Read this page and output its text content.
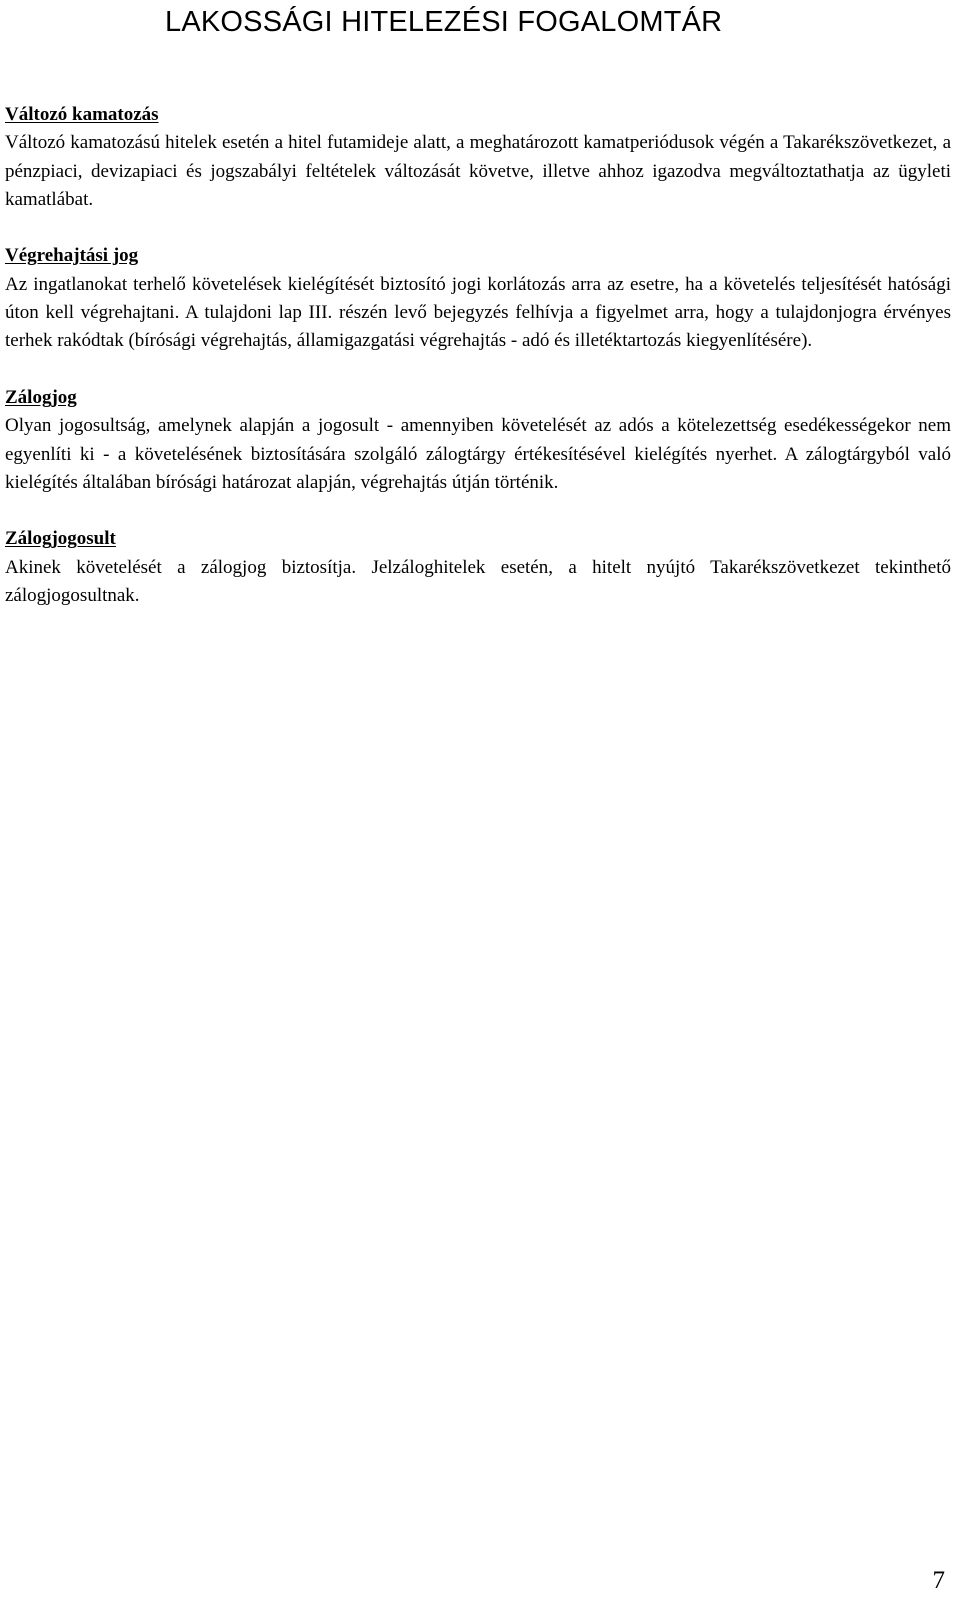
LAKOSSÁGI HITELEZÉSI FOGALOMTÁR
Változó kamatozás
Változó kamatozású hitelek esetén a hitel futamideje alatt, a meghatározott kamatperiódusok végén a Takarékszövetkezet, a pénzpiaci, devizapiaci és jogszabályi feltételek változását követve, illetve ahhoz igazodva megváltoztathatja az ügyleti kamatlábat.
Végrehajtási jog
Az ingatlanokat terhelő követelések kielégítését biztosító jogi korlátozás arra az esetre, ha a követelés teljesítését hatósági úton kell végrehajtani. A tulajdoni lap III. részén levő bejegyzés felhívja a figyelmet arra, hogy a tulajdonjogra érvényes terhek rakódtak (bírósági végrehajtás, államigazgatási végrehajtás - adó és illetéktartozás kiegyenlítésére).
Zálogjog
Olyan jogosultság, amelynek alapján a jogosult - amennyiben követelését az adós a kötelezettség esedékességekor nem egyenlíti ki - a követelésének biztosítására szolgáló zálogtárgy értékesítésével kielégítés nyerhet. A zálogtárgyból való kielégítés általában bírósági határozat alapján, végrehajtás útján történik.
Zálogjogosult
Akinek követelését a zálogjog biztosítja. Jelzáloghitelek esetén, a hitelt nyújtó Takarékszövetkezet tekinthető zálogjogosultnak.
7
